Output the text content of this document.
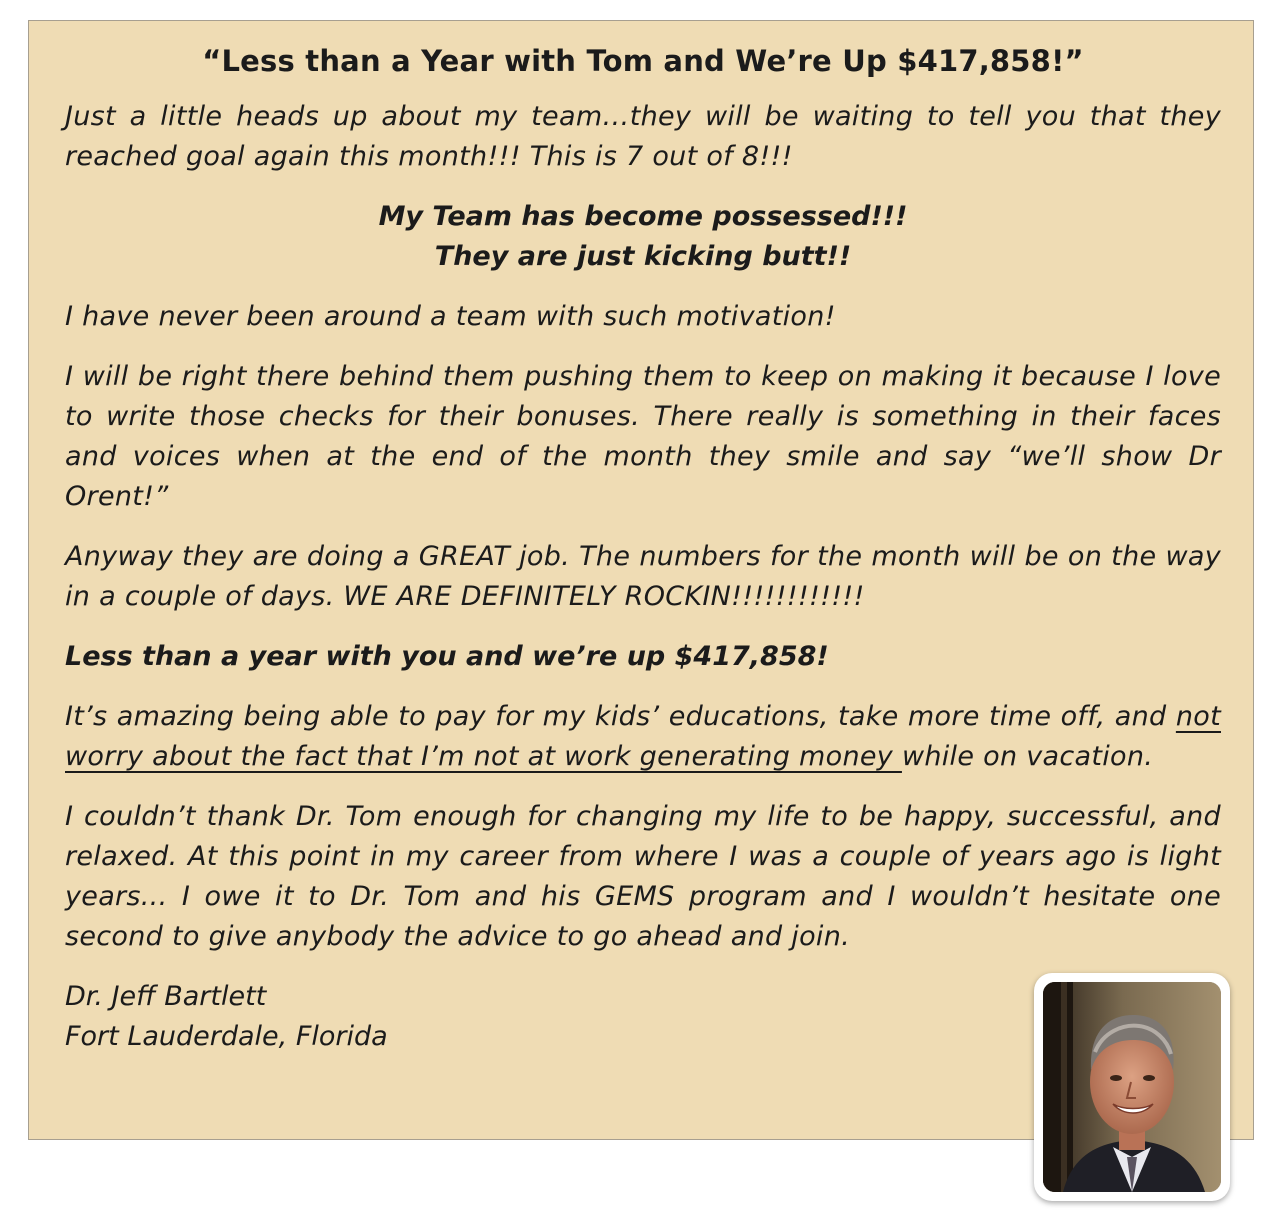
“Less than a Year with Tom and We’re Up $417,858!”

Just a little heads up about my team…they will be waiting to tell you that they reached goal again this month!!! This is 7 out of 8!!!

My Team has become possessed!!!
They are just kicking butt!!

I have never been around a team with such motivation!

I will be right there behind them pushing them to keep on making it because I love to write those checks for their bonuses. There really is something in their faces and voices when at the end of the month they smile and say “we’ll show Dr Orent!”

Anyway they are doing a GREAT job. The numbers for the month will be on the way in a couple of days. WE ARE DEFINITELY ROCKIN!!!!!!!!!!!!

Less than a year with you and we’re up $417,858!

It’s amazing being able to pay for my kids’ educations, take more time off, and not worry about the fact that I’m not at work generating money while on vacation.

I couldn’t thank Dr. Tom enough for changing my life to be happy, successful, and relaxed. At this point in my career from where I was a couple of years ago is light years... I owe it to Dr. Tom and his GEMS program and I wouldn’t hesitate one second to give anybody the advice to go ahead and join.

Dr. Jeff Bartlett
Fort Lauderdale, Florida
